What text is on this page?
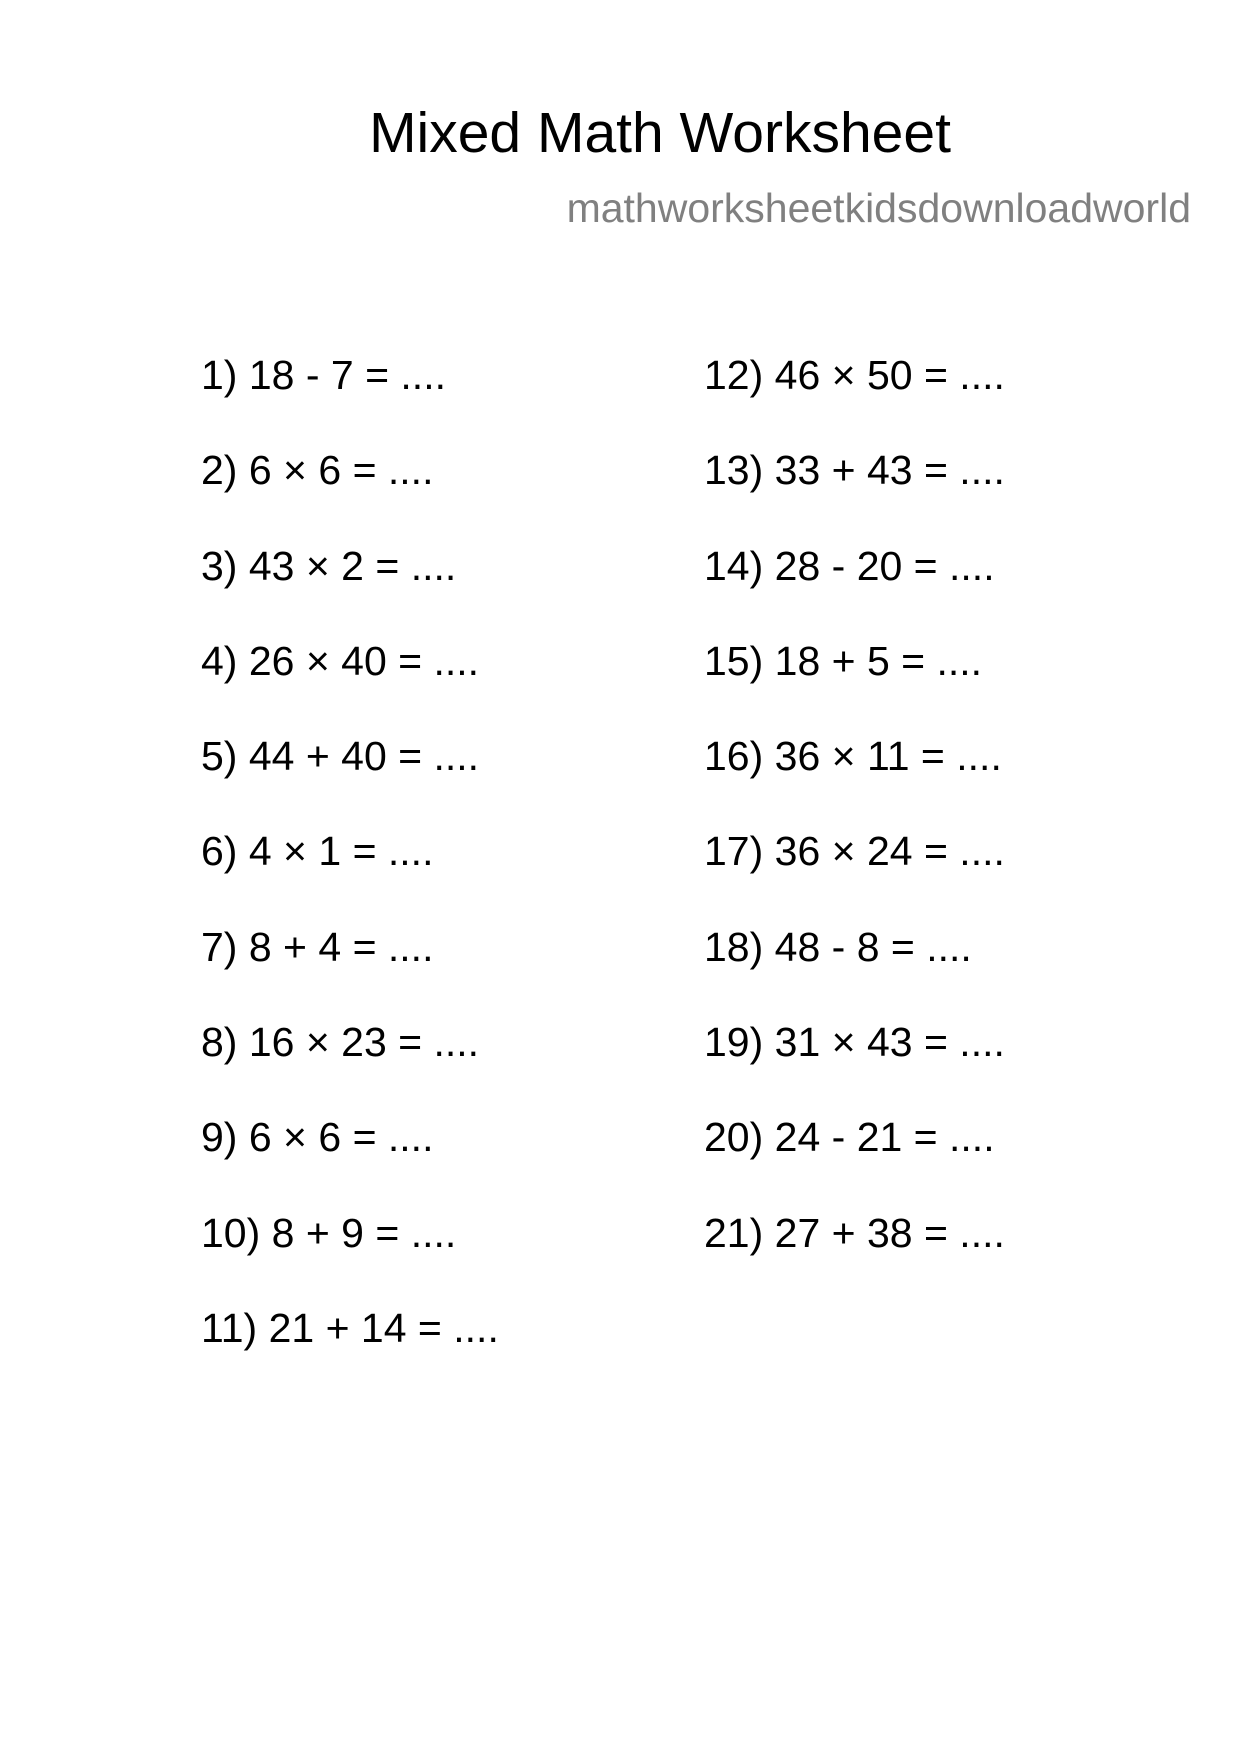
Mixed Math Worksheet
mathworksheetkidsdownloadworld
1) 18 - 7 = ....
2) 6 × 6 = ....
3) 43 × 2 = ....
4) 26 × 40 = ....
5) 44 + 40 = ....
6) 4 × 1 = ....
7) 8 + 4 = ....
8) 16 × 23 = ....
9) 6 × 6 = ....
10) 8 + 9 = ....
11) 21 + 14 = ....
12) 46 × 50 = ....
13) 33 + 43 = ....
14) 28 - 20 = ....
15) 18 + 5 = ....
16) 36 × 11 = ....
17) 36 × 24 = ....
18) 48 - 8 = ....
19) 31 × 43 = ....
20) 24 - 21 = ....
21) 27 + 38 = ....
